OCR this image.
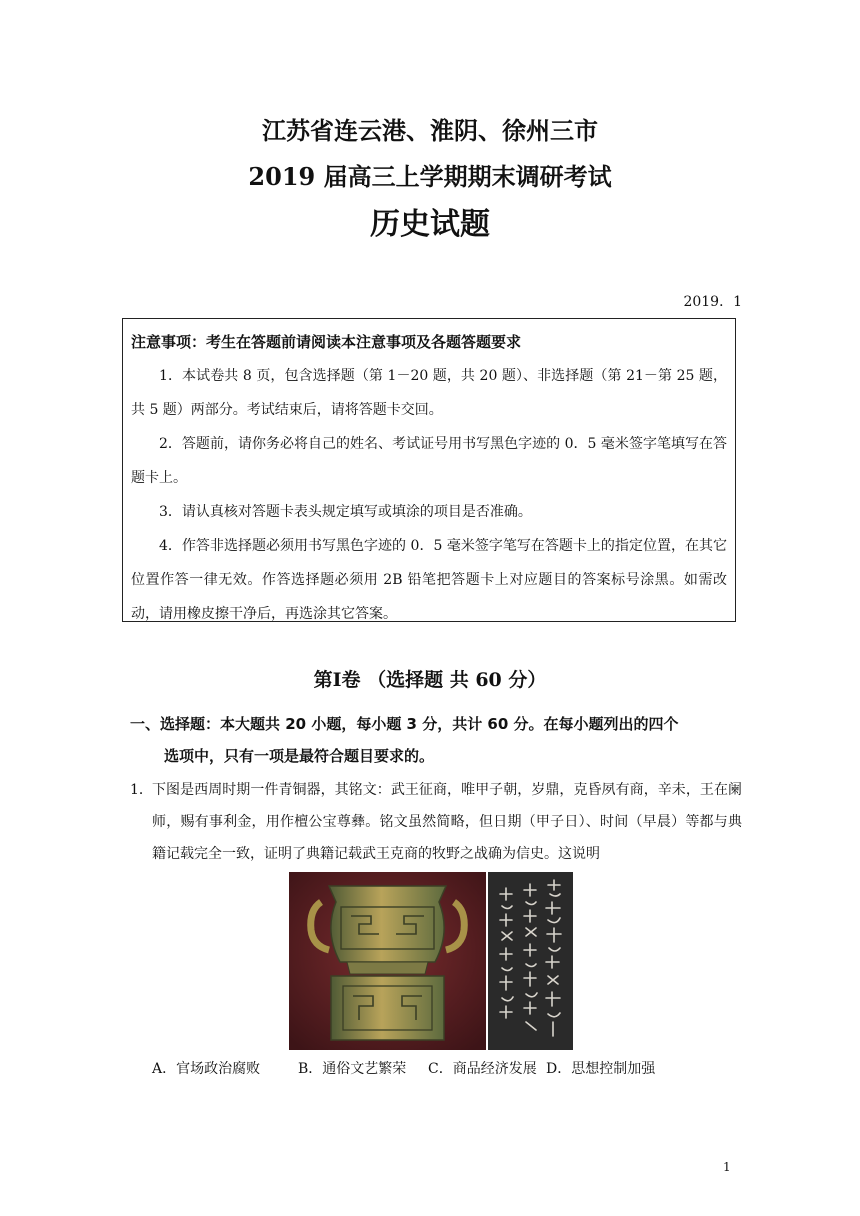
江苏省连云港、淮阴、徐州三市
2019 届高三上学期期末调研考试
历史试题
2019．1
注意事项：考生在答题前请阅读本注意事项及各题答题要求

1．本试卷共 8 页，包含选择题（第 1－20 题，共 20 题）、非选择题（第 21－第 25 题，共 5 题）两部分。考试结束后，请将答题卡交回。

2．答题前，请你务必将自己的姓名、考试证号用书写黑色字迹的 0．5 毫米签字笔填写在答题卡上。

3．请认真核对答题卡表头规定填写或填涂的项目是否准确。

4．作答非选择题必须用书写黑色字迹的 0．5 毫米签字笔写在答题卡上的指定位置，在其它位置作答一律无效。作答选择题必须用 2B 铅笔把答题卡上对应题目的答案标号涂黑。如需改动，请用橡皮擦干净后，再选涂其它答案。

第Ⅰ卷 （选择题 共 60 分）
一、选择题：本大题共 20 小题，每小题 3 分，共计 60 分。在每小题列出的四个
选项中，只有一项是最符合题目要求的。
1． 下图是西周时期一件青铜器，其铭文：武王征商，唯甲子朝，岁鼎，克昏夙有商，辛未，王在阑师，赐有事利金，用作檀公宝尊彝。铭文虽然简略，但日期（甲子日）、时间（早晨）等都与典籍记载完全一致，证明了典籍记载武王克商的牧野之战确为信史。这说明
A．官场政治腐败	B．通俗文艺繁荣 C．商品经济发展 D．思想控制加强
1
